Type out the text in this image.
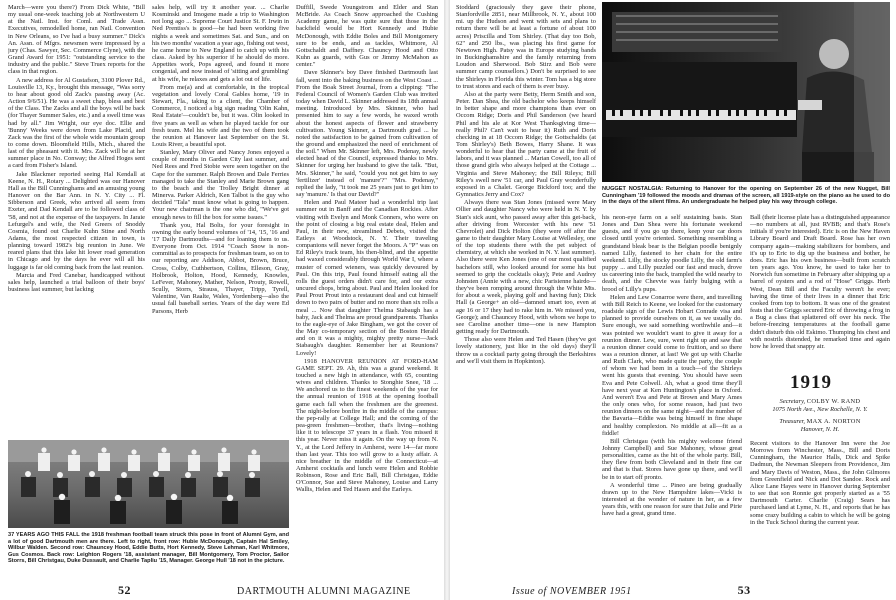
March—were you there?) From Dick White, "Bill my usual one-week teaching job at Northwestern U at the Natl. Inst. for Coml. and Trade Assn. Executives, remodelled home, ran Natl. Convention in New Orleans, so I've had a busy summer." Dick's An. Assn. of Mfgrs. newsmen were impressed by a jury (Chas. Sawyer, Sec. Commerce Clyne), with the Grand Award for 1951: "outstanding service to the industry and the public." Steve Truex reports for the class in that region.

A new address for Al Gustafson, 3100 Plover Rd., Louisville 13, Ky., brought this message, "Was sorry to hear about good old Zack's passing away (Ac. Action 9/6/51). He was a sweet chap, bless and best of the Class. The Zacks and all the boys will be back (for Thayer Summer Sales, etc.) and a swell time was had by all." Jim Wright, our eye doc. Ellie and 'Bunny' Weeks were down from Lake Placid, and Zack was the first of the whole wide mountain group to come down. Bloomfield Hills, Mich., shared the last of the pheasant with it. Mrs. Zack will be at her summer place in No. Conway; the Alfred Hoges sent a card from Fisher's Island.

Jake Blackmer reported seeing Hal Kendall at Keene, N. H., Rotary ... Delighted was our Hanover Hall as the Bill Cunninghams and an amusing young Hanover on the Bar Ann. in N. Y. City ... Fl. Sibberson and Greek, who arrived all seem from Exeter, and Dad Kendall are to be followed class of '58, and not at the expense of the taxpayers. In Jaraie Lefurgel's and wife, the Ned Greers of Snoddy Cosmia, found out Charlie Kuhn Stine and North Adams, the most respected citizen in town, is planning toward 1982's big reunion in June. We reared plans that this lake hit lower road generation in Chicago and by the days he ever will all his luggage is far old coming back from the last reunion.

Marcia and Fred Canebar, handicapped without sales help, launched a trial balloon of their boys' business last summer, but lacking

sales help, will try it another year. ... Charlie Kosminski and Imogene made a trip to Washington not long ago ... Supreme Court Justice St. F. Irwin in Ned Prentiss's is good—he had been working five nights a week and sometimes Sat. and Sun., and on his two months' vacation a year ago, fishing out west, he came home to New England to catch up with his class. Asked by his superior if he should do more. Appetites work, Pops agreed, and found it more congenial, and now instead of 'sitting and grumbling' at his wife, he relaxes and gets a lot out of life.

From me(a) and at comfortable, in the tropical vegetation and lovely Coral Gables home, '19 in Stewart, Fla., taking to a client, the Chamber of Commerce, I noticed a big sign reading 'Olin Kahn, Real Estate'—couldn't be, but it was. Olin looked in five years as well as when he played tackle for our fresh team. Mel his wife and the two of them took the reunion at Hanover last September on the St. Louis River, a beautiful spot.

Stanley, Mary Oliver and Nancy Jones enjoyed a couple of months in Garden City last summer, and Ned Rees and Fred Stobie were seen together on the Cape for the summer. Ralph Brown and Dale Ferries managed to take the Stanley and Marie Brown gang to the beach and the Trolley Bright dinner at Minerva. Parker Aldrich, Ken Talbot is the guy who decided "Tala" must know what is going to happen. Your new chairman is the one who did, "We've got enough news to fill the box for some issues."

Thank you, Hal Bolts, for your foresight in owning the early bound volumes of '14, '15, '16 and '17 Daily Dartmouths—and for loaning them to us. Everyone from Oct. 1914 "Coach Snow is non-committal as to prospects for freshman team, so on to our reporting are Addison, Abbot, Brown, Bruce, Cross, Colby, Cuthbertson, Collins, Elleson, Gray, Holbrook, Holton, Hood, Kennedy, Knowles, LeFever, Mahoney, Mather, Nelson, Prouty, Rowell, Scully, Storrs, Strauss, Thayer, Tripp, Tyrell, Valentine, Van Raalte, Wales, Yordenberg—also the usual fall baseball series. Years of the day were Ed Parsons, Herb

Duffill, Swede Youngstrom and Elder and Stan McBride. As Coach Snow approached the Cushing Academy game, he was quite sure that those in the backfield would be Hort Kennedy and Hubie McDonough, with Eddie Boles and Bill Montgomery sure to be ends, and as tackles, Whitmore, Al Gottschaldt and Daffney. Chauncy Hood and Otto Kuhn as guards, with Gus or Jimmy McMahon as center."

Dave Skinner's boy Dave finished Dartmouth last fall, went into the baking business on the West Coast ... From the Boak Street Journal, from a clipping: "The Federal Council of Women's Garden Club was invited today when David L. Skinner addressed its 18th annual meeting. Introduced by Mrs. Skinner, who had presented him to say a few words, he waxed wroth about the honest aspects of flower and strawberry cultivation. Young Skinner, a Dartmouth grad ... he noted the satisfaction to be gained from cultivation of the ground and emphasized the need of enrichment of the soil." When Mr. Skinner left, Mrs. Podenay, newly elected head of the Council, expressed thanks to Mrs. Skinner for urging her husband to give the talk. "But, Mrs. Skinner," he said, "could you not get him to say 'fertilizer' instead of 'manure'?" "Mrs. Podenay," replied the lady, "it took me 25 years just to get him to say 'manure.' Is that our David?"

Helen and Paul Mateer had a wonderful trip last summer out in Banff and the Canadian Rockies. After visiting with Evelyn and Monk Conners, who were on the point of closing a big real estate deal, Helen and Paul, in their new, streamlined Debets, visited the Eatleys at Woodstock, N. Y. Their traveling companions will never forget the Moors. A "P" was on Ed Riley's track team, his then-blind, and the appetite had waxed considerably through World War I, where a muster of corned wieners, was quickly devoured by Paul. On this trip, Paul found himself eating all the rolls the guest orders didn't care for, and our extra uncured chops, bring about. Paul and Helen looked for Paul Prout Prout into a restaurant deal and cut himself down to two pairs of butter and no more than six rolls a meal ... Now that daughter Thelma Stabaugh has a baby, Jack and Thelma are proud grandparents. Thanks to the eagle-eye of Jake Bingham, we got the cover of the May co-temporary section of the Boston Herald and on it was a mighty, mighty pretty nurse—Jack Stabaugh's daughter. Remember her at Reunions? Lovely!

1918 HANOVER REUNION AT FORD-HAM GAME SEPT. 29. Ah, this was a grand weekend. It touched a new high in attendance, with 65, counting wives and children. Thanks to Stonghie Snee, '18 ... We anchored us to the finest weekends of the year for the annual reunion of 1918 at the opening football game each fall when the freshmen are the greenest. The night-before bonfire in the middle of the campus: the pep-rally at College Hall; and the coming of the pea-green freshmen—brother, that's living—nothing like it to telescope 37 years in a flash. You missed it this year. Never miss it again. On the way up from N. Y., at the Lord Jeffery in Amherst, were 14—far more than last year. This too will grow to a lusty affair. A nice breather in the middle of the Connecticut—at Amherst cocktails and lunch were Helen and Robbie Robinson, Rose and Eric Ball, Bill Christgau, Eddie O'Connor, Sue and Steve Mahoney, Louise and Larry Wallis, Helen and Ted Hasen and the Earleys.

37 YEARS AGO THIS FALL the 1918 freshman football team struck this pose in front of Alumni Gym, and a lot of good Dartmouth men are there. Left to right, front row: Hubie McDonough, Captain Hal Smiley, Wilbur Walden. Second row: Chauncey Hood, Eddie Butts, Hort Kennedy, Steve Lehman, Karl Whitmore, Gus Cosmos. Back row: Leighton Rogers '18, assistant manager, Bill Montgomery, Tom Proctor, Sailor Storrs, Bill Christgau, Duke Dussault, and Charlie Tapliu '15, Manager. George Hull '18 not in the picture.
52	DARTMOUTH ALUMNI MAGAZINE

Stoddard (graciously they gave their phone, Stanfordville 2851, near Millbrook, N. Y., about 100 mi. up the Hudson and went with sets and plans to return there will be at least a fortune of about 100 acres) Priscilla and Tom Shirley. (That day too Bob, 62" and 250 lbs., was placing his first game for Newtown High. Patsy was in Europe studying bands in Buckinghamshire and the family returning from Loudon and Sherwood. Bob Stirz and Bob were summer camp counsellors.) Don't be surprised to see the Shirleys in Florida this winter. Tom has a big store to trust stores and each of them is ever busy.

Also at the party were Betty, Herm Smith and son, Peter. Dan Shea, the old bachelor who keeps himself in better shape and more champions than ever on Occom Ridge; Doris and Phil Sanderson (we heard Phil and his ale at Kor West Thanksgiving time—really Phil? Can't wait to hear it) Ruth and Doris checking in at 18 Occom Ridge; the Gottschaldts (at Tom Shirley's) Beth Bowes, Harry Shane. It was wonderful to hear that the party came at the fruit of labors, and it was planned ... Marian Cowell, too all of those grand girls who always helped at the Cottage ... Virginia and Steve Mahoney; the Bill Rileys; Bill Riley's swell new '51 car, and Paul Gray wonderfully exposed in a Chalet. George Bickford too; and the Gymnatics Jerry and Cox?

Always there was Stan Jones (missed were Mary Ollier and daughter Nancy who were held in N. Y. by Stan's sick aunt, who passed away after this get-back, after driving from Worcester with his new '51 Chevrolet) and Dick Holton (they were off after the game to their daughter Mary Louise at Wellesley, one of the top students there with the pet subject of chemistry, at which she worked in N. Y. last summer). Also there were Ken Jones (one of our most qualified bachelors still, who looked around for some his but seemed to grip the cocktails okay); Pete and Audrey Johnsten (Annie with a new, chic Parisienne hairdo—they've been romping around through the White Mts. for about a week, playing golf and having fun); Dick Hall (a George+ an old—damned smart too, even at age 16 or 17 they had to rake him in. We missed you, George); and Chauncey Hood, with whom we hope to see Caroline another time—one is new Hampton getting ready for Dartmouth.

Those also were Helen and Ted Hasen (they've got lovely stationery, just like in the old days) they'll throw us a cocktail party going through the Berkshires and we'll visit them in Hopkinton).

NUGGET NOSTALGIA: Returning to Hanover for the opening on September 26 of the new Nugget, Bill Cunningham '19 followed the moods and dramas of the screen, all 1919-style on the piano as he used to do in the days of the silent films. An undergraduate he helped play his way through college.

his neon-eye farm on a self sustaining basis. Stan Jones and Dan Shea were his fortunate weekend guests, and if you go up there, keep your car doors closed until you're oriented. Something resembling a grandstand bleak bear is the Belgian poodle benignly named Lilly, fastened to her chain for the entire weekend. Lilly, the stocky poodle Lilly, the old farm's puppy ... and Lilly puzzled our fast and much, drove us careering into the back, trampled the wild nearby to death, and the Chevvie was fairly bulging with a brood of Lilly's pups.

Helen and Lew Conarroe were there, and travelling with Bill Reich to Keene, we looked for the customary roadside sign of the Lewis Hobart Conrade visa and planned to provide ourselves on it, as we usually do. Sure enough, we said something worthwhile and—it was pointed we wouldn't want to give it away for a reunion dinner. Lew, sure, went right up and saw that a reunion dinner could come to fruition, and so there was a reunion dinner, at last! We got up with Charlie and Ruth Clark, who made quite the party, the couple of whom we had been in a touch—of the Shirleys went his guests that evening. You should have seen Eva and Pete Colwell. Ah, what a good time they'll have next year at Ken Huntington's place in Oxford. And weren't Eva and Pete at Brown and Mary Ames the only ones who, for some reason, had just two reunion dinners on the same night—and the number of the Bavaria—Eddie was being himself in fine shape and healthy complexion. No middle at all—fit as a fiddle!

Bill Christgau (with his mighty welcome friend Johnny Campbell) and Sue Mahoney, whose great personalities, came as the hit of the whole party. Bill, they flew from both Cleveland and in their fine car and that is that. Stores have gone up there, and we'll be in to start off pronto.

A wonderful time ... Pineo are being gradually drawn up to the New Hampshire lakes—Vicki is interested at the wonder of nature in her, as a few years this, with one reason for sure that Julie and Pirie have had a great, grand time.

Ball (their license plate has a distinguished appearance—no numbers at all, just RVBB; and that's Rose's initials if you're interested). Eric is on the New Haven Library Board and Draft Board. Rose has her own company again—making stabilizers for bombers, and it's up to Eric to dig up the business and bother, he does. Eric has his own business—built from scratch ten years ago. You know, he used to take her to Norwich fun sometime in February after shipping up a barrel of oysters and a rod of "Hose" Griggs. Herb West, Dean Bill and the Faculty weren't he ever; having the time of their lives in a dinner that Eric cooked from top to bottom. It was one of the greatest feats that the Griggs secured Eric of throwing a frog in a Bug a class that splattered off over his neck. The before-freezing temperatures at the football game didn't disturb this old Eskimo. Thumping his chest and with nostrils distended, he remarked time and again how he loved that snappy air.

1919
Secretary, COLBY W. RAND
1075 North Ave., New Rochelle, N. Y.
Treasurer, MAX A. NORTON
Hanover, N. H.

Recent visitors to the Hanover Inn were the Joe Morrows from Winchester, Mass., Bill and Doris Cunningham, the Maurice Halls, Dick and Spike Dadmun, the Newman Sleepers from Providence, Jim and Mary Davis of Weston, Mass., the John Gilmores from Greenfield and Nick and Dot Sandoe. Rock and Alice Lane Hayes were in Hanover during September to see that son Ronnie got properly started as a '55 Dartmouth Carter. Charlie (Craig) Sears has purchased land at Lyme, N. H., and reports that he has some crazy building a cabin to which he will be going in the Tuck School during the current year.

Issue of NOVEMBER 1951	53
